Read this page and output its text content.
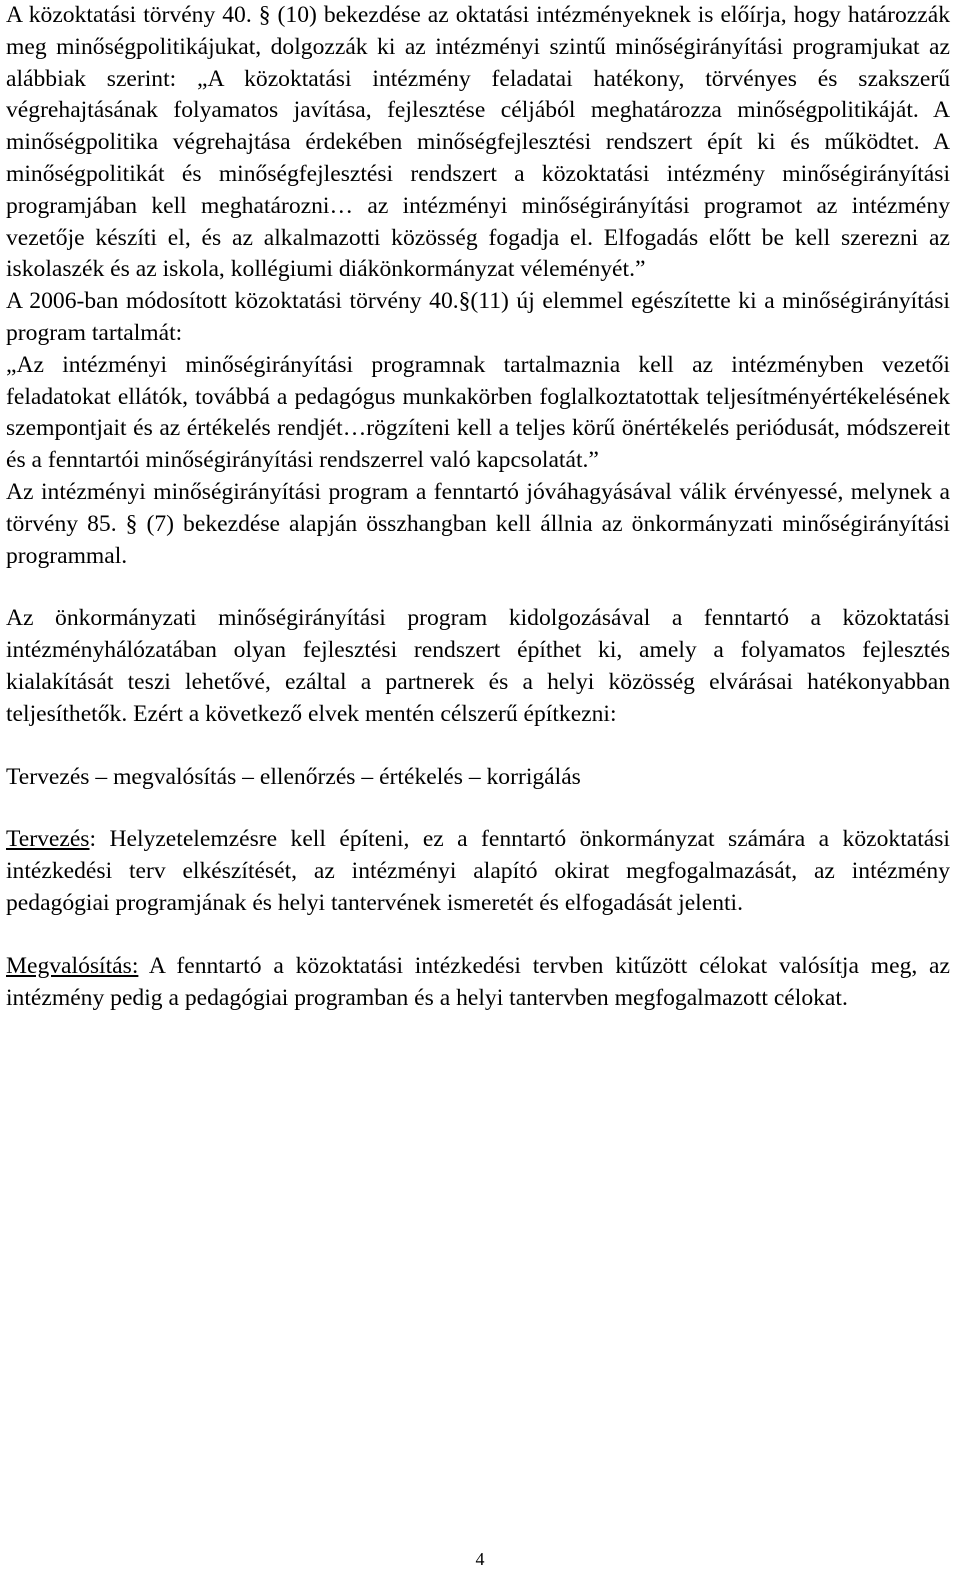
A közoktatási törvény 40. § (10) bekezdése az oktatási intézményeknek is előírja, hogy határozzák meg minőségpolitikájukat, dolgozzák ki az intézményi szintű minőségirányítási programjukat az alábbiak szerint: „A közoktatási intézmény feladatai hatékony, törvényes és szakszerű végrehajtásának folyamatos javítása, fejlesztése céljából meghatározza minőségpolitikáját. A minőségpolitika végrehajtása érdekében minőségfejlesztési rendszert épít ki és működtet. A minőségpolitikát és minőségfejlesztési rendszert a közoktatási intézmény minőségirányítási programjában kell meghatározni… az intézményi minőségirányítási programot az intézmény vezetője készíti el, és az alkalmazotti közösség fogadja el. Elfogadás előtt be kell szerezni az iskolaszék és az iskola, kollégiumi diákönkormányzat véleményét.”

A 2006-ban módosított közoktatási törvény 40.§(11) új elemmel egészítette ki a minőségirányítási program tartalmát:

„Az intézményi minőségirányítási programnak tartalmaznia kell az intézményben vezetői feladatokat ellátók, továbbá a pedagógus munkakörben foglalkoztatottak teljesítményértékelésének szempontjait és az értékelés rendjét…rögzíteni kell a teljes körű önértékelés periódusát, módszereit és a fenntartói minőségirányítási rendszerrel való kapcsolatát.”

Az intézményi minőségirányítási program a fenntartó jóváhagyásával válik érvényessé, melynek a törvény 85. § (7) bekezdése alapján összhangban kell állnia az önkormányzati minőségirányítási programmal.

Az önkormányzati minőségirányítási program kidolgozásával a fenntartó a közoktatási intézményhálózatában olyan fejlesztési rendszert építhet ki, amely a folyamatos fejlesztés kialakítását teszi lehetővé, ezáltal a partnerek és a helyi közösség elvárásai hatékonyabban teljesíthetők. Ezért a következő elvek mentén célszerű építkezni:

Tervezés – megvalósítás – ellenőrzés – értékelés – korrigálás

Tervezés: Helyzetelemzésre kell építeni, ez a fenntartó önkormányzat számára a közoktatási intézkedési terv elkészítését, az intézményi alapító okirat megfogalmazását, az intézmény pedagógiai programjának és helyi tantervének ismeretét és elfogadását jelenti.

Megvalósítás: A fenntartó a közoktatási intézkedési tervben kitűzött célokat valósítja meg, az intézmény pedig a pedagógiai programban és a helyi tantervben megfogalmazott célokat.

4
